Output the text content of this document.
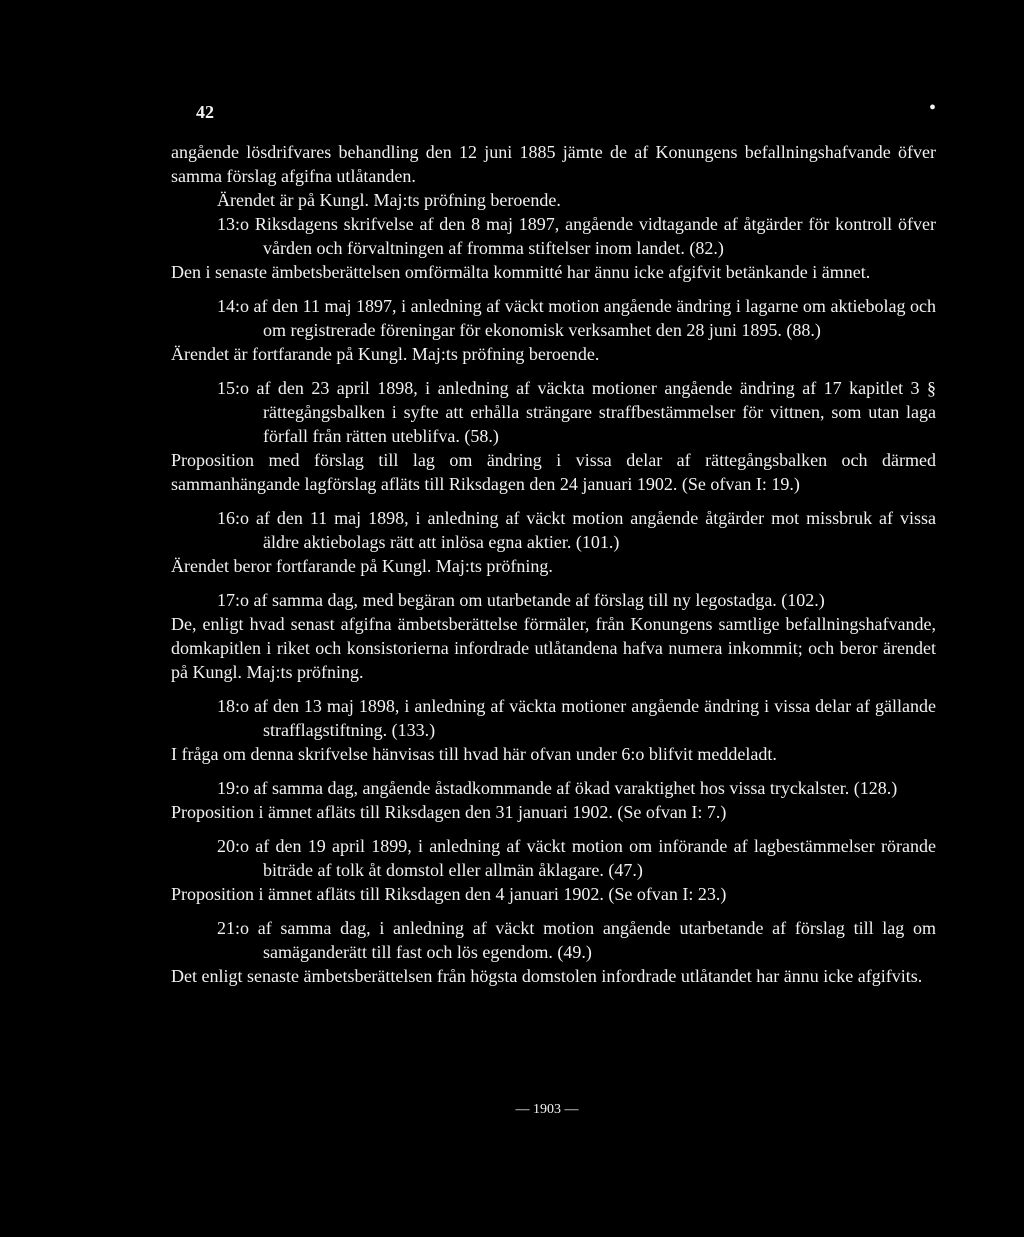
42	•

angående lösdrifvares behandling den 12 juni 1885 jämte de af Konungens befallningshafvande öfver samma förslag afgifna utlåtanden.

Ärendet är på Kungl. Maj:ts pröfning beroende.

13:o Riksdagens skrifvelse af den 8 maj 1897, angående vidtagande af åtgärder för kontroll öfver vården och förvaltningen af fromma stiftelser inom landet. (82.)

Den i senaste ämbetsberättelsen omförmälta kommitté har ännu icke afgifvit betänkande i ämnet.

14:o af den 11 maj 1897, i anledning af väckt motion angående ändring i lagarne om aktiebolag och om registrerade föreningar för ekonomisk verksamhet den 28 juni 1895. (88.)

Ärendet är fortfarande på Kungl. Maj:ts pröfning beroende.

15:o af den 23 april 1898, i anledning af väckta motioner angående ändring af 17 kapitlet 3 § rättegångsbalken i syfte att erhålla strängare straffbestämmelser för vittnen, som utan laga förfall från rätten uteblifva. (58.)

Proposition med förslag till lag om ändring i vissa delar af rättegångsbalken och därmed sammanhängande lagförslag afläts till Riksdagen den 24 januari 1902. (Se ofvan I: 19.)

16:o af den 11 maj 1898, i anledning af väckt motion angående åtgärder mot missbruk af vissa äldre aktiebolags rätt att inlösa egna aktier. (101.)

Ärendet beror fortfarande på Kungl. Maj:ts pröfning.

17:o af samma dag, med begäran om utarbetande af förslag till ny legostadga. (102.)

De, enligt hvad senast afgifna ämbetsberättelse förmäler, från Konungens samtlige befallningshafvande, domkapitlen i riket och konsistorierna infordrade utlåtandena hafva numera inkommit; och beror ärendet på Kungl. Maj:ts pröfning.

18:o af den 13 maj 1898, i anledning af väckta motioner angående ändring i vissa delar af gällande strafflagstiftning. (133.)

I fråga om denna skrifvelse hänvisas till hvad här ofvan under 6:o blifvit meddeladt.

19:o af samma dag, angående åstadkommande af ökad varaktighet hos vissa tryckalster. (128.)

Proposition i ämnet afläts till Riksdagen den 31 januari 1902. (Se ofvan I: 7.)

20:o af den 19 april 1899, i anledning af väckt motion om införande af lagbestämmelser rörande biträde af tolk åt domstol eller allmän åklagare. (47.)

Proposition i ämnet afläts till Riksdagen den 4 januari 1902. (Se ofvan I: 23.)

21:o af samma dag, i anledning af väckt motion angående utarbetande af förslag till lag om samäganderätt till fast och lös egendom. (49.)

Det enligt senaste ämbetsberättelsen från högsta domstolen infordrade utlåtandet har ännu icke afgifvits.

— 1903 —
